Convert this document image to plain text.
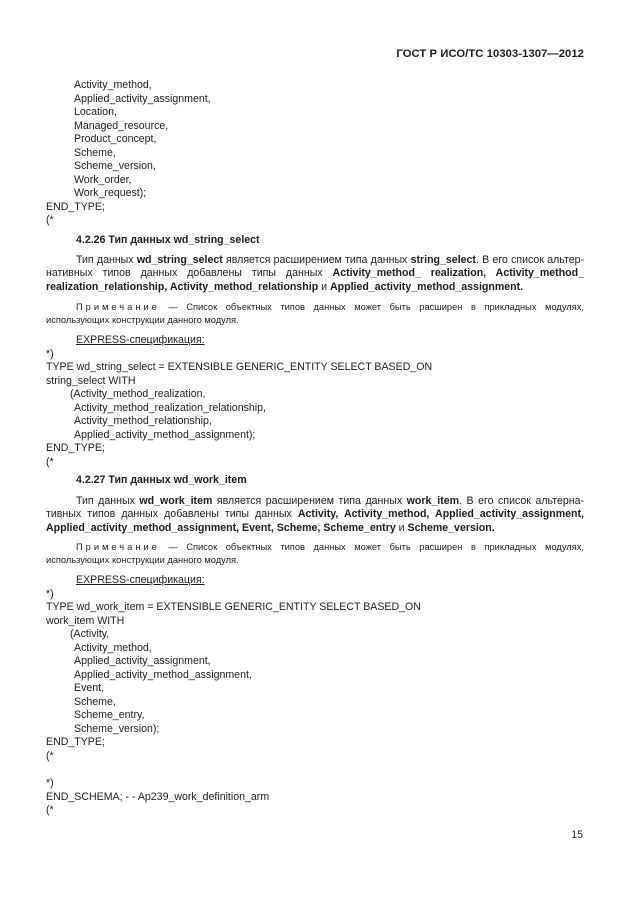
ГОСТ Р ИСО/ТС 10303-1307—2012
Activity_method,
Applied_activity_assignment,
Location,
Managed_resource,
Product_concept,
Scheme,
Scheme_version,
Work_order,
Work_request);
END_TYPE;
(*
4.2.26 Тип данных wd_string_select
Тип данных wd_string_select является расширением типа данных string_select. В его список альтер-нативных типов данных добавлены типы данных Activity_method_ realization, Activity_method_ realization_relationship, Activity_method_relationship и Applied_activity_method_assignment.
Примечание — Список объектных типов данных может быть расширен в прикладных модулях, использующих конструкции данного модуля.
EXPRESS-спецификация:
*)
TYPE wd_string_select = EXTENSIBLE GENERIC_ENTITY SELECT BASED_ON
string_select WITH
(Activity_method_realization,
Activity_method_realization_relationship,
Activity_method_relationship,
Applied_activity_method_assignment);
END_TYPE;
(*
4.2.27 Тип данных wd_work_item
Тип данных wd_work_item является расширением типа данных work_item. В его список альтерна-тивных типов данных добавлены типы данных Activity, Activity_method, Applied_activity_assignment, Applied_activity_method_assignment, Event, Scheme, Scheme_entry и Scheme_version.
Примечание — Список объектных типов данных может быть расширен в прикладных модулях, использующих конструкции данного модуля.
EXPRESS-спецификация:
*)
TYPE wd_work_item = EXTENSIBLE GENERIC_ENTITY SELECT BASED_ON
work_item WITH
(Activity,
Activity_method,
Applied_activity_assignment,
Applied_activity_method_assignment,
Event,
Scheme,
Scheme_entry,
Scheme_version);
END_TYPE;
(*
*)
END_SCHEMA; - - Ap239_work_definition_arm
(*
15
